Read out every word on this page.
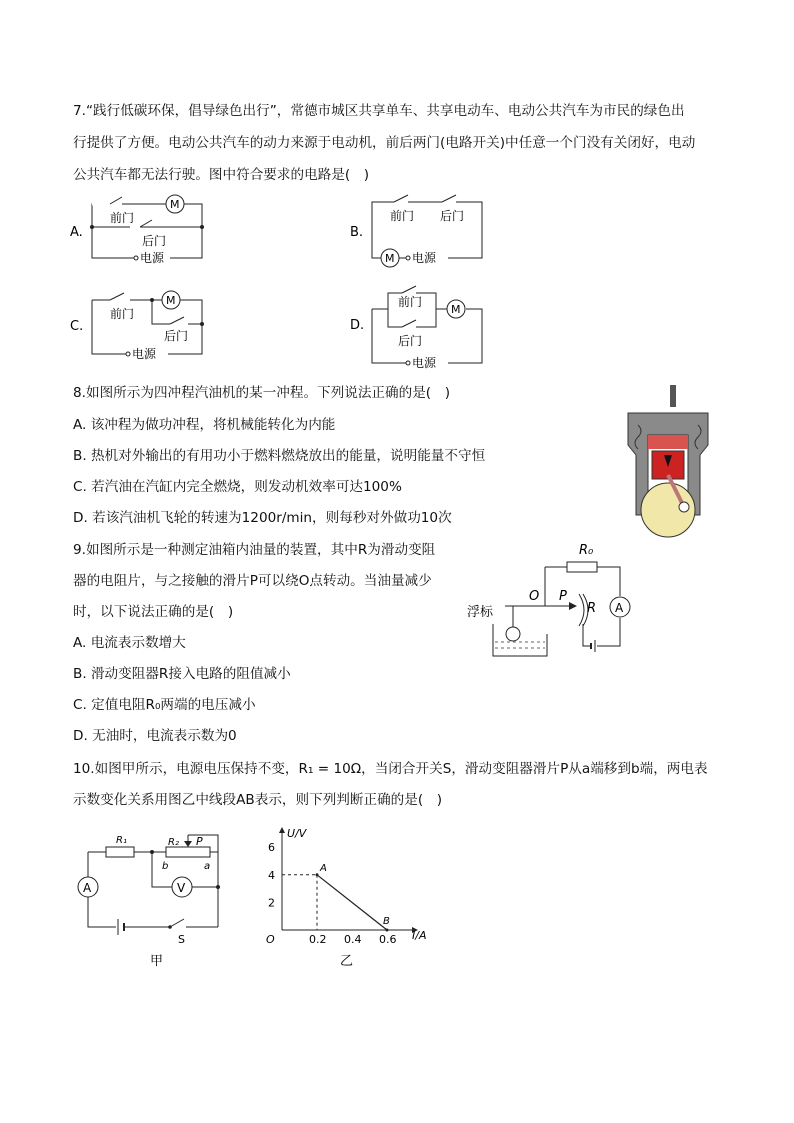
7.“践行低碳环保，倡导绿色出行”，常德市城区共享单车、共享电动车、电动公共汽车为市民的绿色出
行提供了方便。电动公共汽车的动力来源于电动机，前后两门(电路开关)中任意一个门没有关闭好，电动
公共汽车都无法行驶。图中符合要求的电路是(　)
A.
M
前门
后门
电源
B.
前门 后门
M 电源
C.
M
前门
后门
电源
D.
M
前门
后门
电源
8.如图所示为四冲程汽油机的某一冲程。下列说法正确的是(　)
A. 该冲程为做功冲程，将机械能转化为内能
B. 热机对外输出的有用功小于燃料燃烧放出的能量，说明能量不守恒
C. 若汽油在汽缸内完全燃烧，则发动机效率可达100%
D. 若该汽油机飞轮的转速为1200r/min，则每秒对外做功10次
9.如图所示是一种测定油箱内油量的装置，其中R为滑动变阻
器的电阻片，与之接触的滑片P可以绕O点转动。当油量减少
时，以下说法正确的是(　)
A. 电流表示数增大
B. 滑动变阻器R接入电路的阻值减小
C. 定值电阻R₀两端的电压减小
D. 无油时，电流表示数为0
R₀
A
R
O P
浮标
10.如图甲所示，电源电压保持不变，R₁ = 10Ω，当闭合开关S，滑动变阻器滑片P从a端移到b端，两电表
示数变化关系用图乙中线段AB表示，则下列判断正确的是(　)
R₁	R₂ P
b	a
A
S
V
甲
U/V
I/A
O	0.2 0.4 0.6
6
4
2
A
B
乙
